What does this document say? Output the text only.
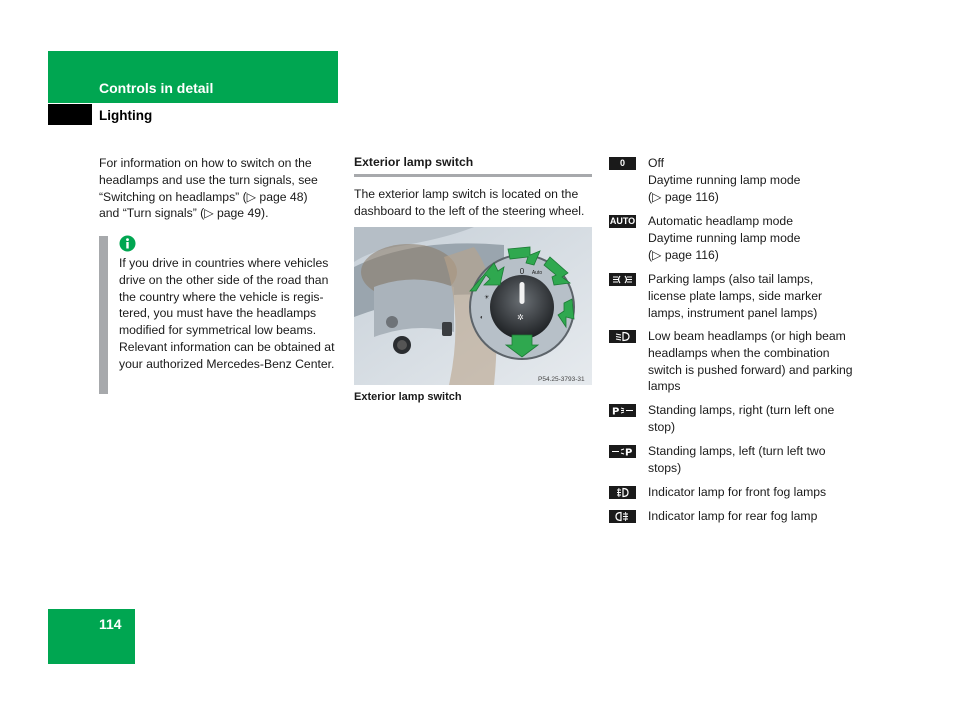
Controls in detail
Lighting
For information on how to switch on the headlamps and use the turn signals, see “Switching on headlamps” (▷ page 48) and “Turn signals” (▷ page 49).
If you drive in countries where vehicles drive on the other side of the road than the country where the vehicle is regis-tered, you must have the headlamps modified for symmetrical low beams. Relevant information can be obtained at your authorized Mercedes-Benz Center.
Exterior lamp switch
The exterior lamp switch is located on the dashboard to the left of the steering wheel.
0 Auto
☀
◐	✲
P54.25-3793-31
Exterior lamp switch
0	Off
Daytime running lamp mode
(▷ page 116)
AUTO Automatic headlamp mode
Daytime running lamp mode
(▷ page 116)
Parking lamps (also tail lamps, license plate lamps, side marker lamps, instrument panel lamps)
Low beam headlamps (or high beam headlamps when the combination switch is pushed forward) and parking lamps
P Standing lamps, right (turn left one stop)
P Standing lamps, left (turn left two stops)
Indicator lamp for front fog lamps
Indicator lamp for rear fog lamp
114
